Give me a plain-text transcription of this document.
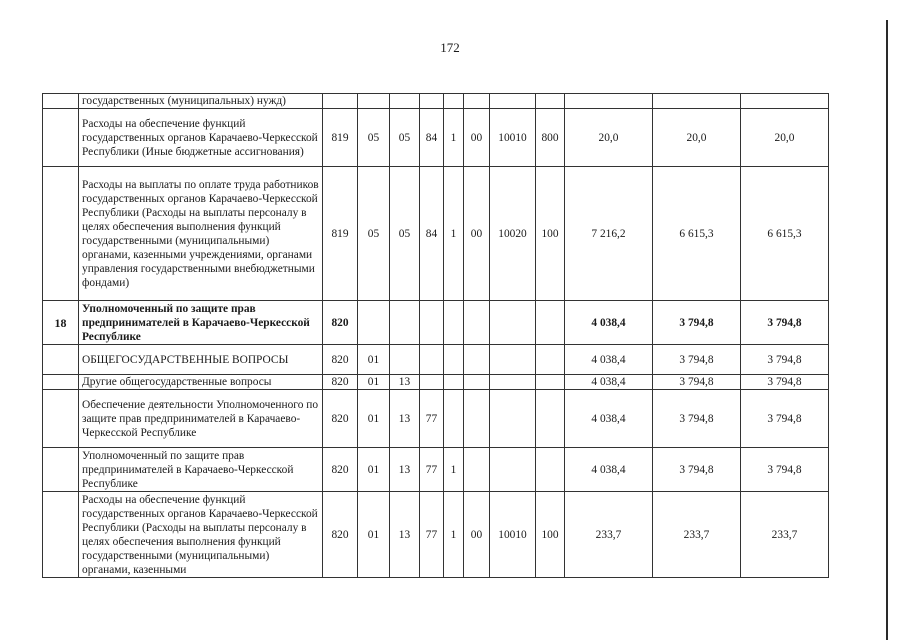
172
	государственных (муниципальных) нужд)											
	Расходы на обеспечение функций государственных органов Карачаево-Черкесской Республики (Иные бюджетные ассигнования)	819	05	05	84	1	00	10010	800	20,0	20,0	20,0
	Расходы на выплаты по оплате труда работников государственных органов Карачаево-Черкесской Республики (Расходы на выплаты персоналу в целях обеспечения выполнения функций государственными (муниципальными) органами, казенными учреждениями, органами управления государственными внебюджетными фондами)	819	05	05	84	1	00	10020	100	7 216,2	6 615,3	6 615,3
18	Уполномоченный по защите прав предпринимателей в Карачаево-Черкесской Республике	820								4 038,4	3 794,8	3 794,8
	ОБЩЕГОСУДАРСТВЕННЫЕ ВОПРОСЫ	820	01							4 038,4	3 794,8	3 794,8
	Другие общегосударственные вопросы	820	01	13						4 038,4	3 794,8	3 794,8
	Обеспечение деятельности Уполномоченного по защите прав предпринимателей в Карачаево-Черкесской Республике	820	01	13	77					4 038,4	3 794,8	3 794,8
	Уполномоченный по защите прав предпринимателей в Карачаево-Черкесской Республике	820	01	13	77	1				4 038,4	3 794,8	3 794,8
	Расходы на обеспечение функций государственных органов Карачаево-Черкесской Республики (Расходы на выплаты персоналу в целях обеспечения выполнения функций государственными (муниципальными) органами, казенными	820	01	13	77	1	00	10010	100	233,7	233,7	233,7
